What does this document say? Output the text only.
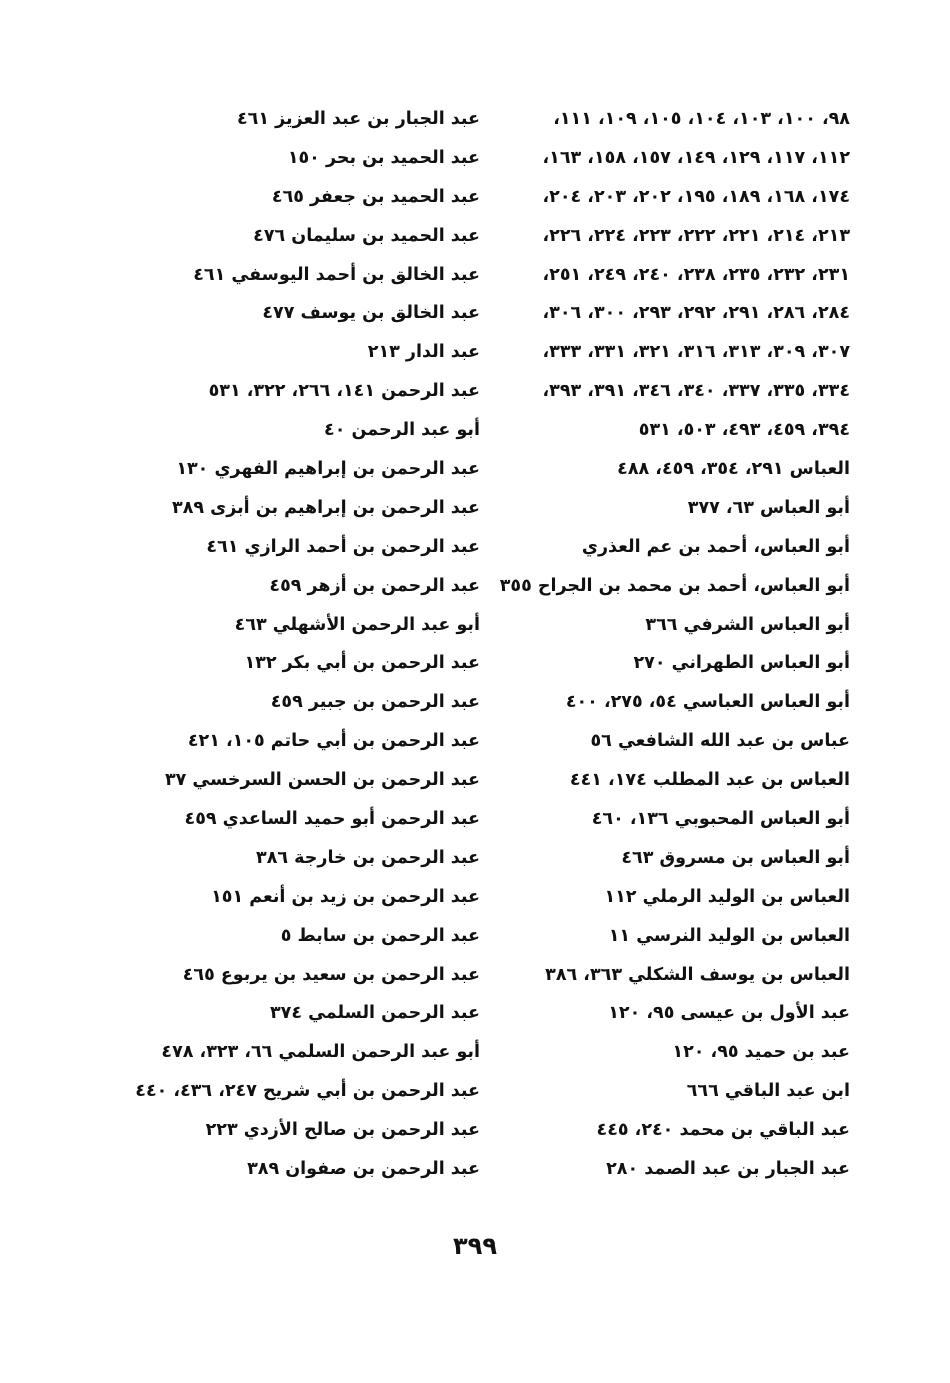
٩٨، ١٠٠، ١٠٣، ١٠٤، ١٠٥، ١٠٩، ١١١،
١١٢، ١١٧، ١٢٩، ١٤٩، ١٥٧، ١٥٨، ١٦٣،
١٧٤، ١٦٨، ١٨٩، ١٩٥، ٢٠٢، ٢٠٣، ٢٠٤،
٢١٣، ٢١٤، ٢٢١، ٢٢٢، ٢٢٣، ٢٢٤، ٢٢٦،
٢٣١، ٢٣٢، ٢٣٥، ٢٣٨، ٢٤٠، ٢٤٩، ٢٥١،
٢٨٤، ٢٨٦، ٢٩١، ٢٩٢، ٢٩٣، ٣٠٠، ٣٠٦،
٣٠٧، ٣٠٩، ٣١٣، ٣١٦، ٣٢١، ٣٣١، ٣٣٣،
٣٣٤، ٣٣٥، ٣٣٧، ٣٤٠، ٣٤٦، ٣٩١، ٣٩٣،
٣٩٤، ٤٥٩، ٤٩٣، ٥٠٣، ٥٣١
العباس ٢٩١، ٣٥٤، ٤٥٩، ٤٨٨
أبو العباس ٦٣، ٣٧٧
أبو العباس، أحمد بن عم العذري
أبو العباس، أحمد بن محمد بن الجراح ٣٥٥
أبو العباس الشرفي ٣٦٦
أبو العباس الطهراني ٢٧٠
أبو العباس العباسي ٥٤، ٢٧٥، ٤٠٠
عباس بن عبد الله الشافعي ٥٦
العباس بن عبد المطلب ١٧٤، ٤٤١
أبو العباس المحبوبي ١٣٦، ٤٦٠
أبو العباس بن مسروق ٤٦٣
العباس بن الوليد الرملي ١١٢
العباس بن الوليد النرسي ١١
العباس بن يوسف الشكلي ٣٦٣، ٣٨٦
عبد الأول بن عيسى ٩٥، ١٢٠
عبد بن حميد ٩٥، ١٢٠
ابن عبد الباقي ٦٦٦
عبد الباقي بن محمد ٢٤٠، ٤٤٥
عبد الجبار بن عبد الصمد ٢٨٠
عبد الجبار بن عبد العزيز ٤٦١
عبد الحميد بن بحر ١٥٠
عبد الحميد بن جعفر ٤٦٥
عبد الحميد بن سليمان ٤٧٦
عبد الخالق بن أحمد اليوسفي ٤٦١
عبد الخالق بن يوسف ٤٧٧
عبد الدار ٢١٣
عبد الرحمن ١٤١، ٢٦٦، ٣٢٢، ٥٣١
أبو عبد الرحمن ٤٠
عبد الرحمن بن إبراهيم الفهري ١٣٠
عبد الرحمن بن إبراهيم بن أبزى ٣٨٩
عبد الرحمن بن أحمد الرازي ٤٦١
عبد الرحمن بن أزهر ٤٥٩
أبو عبد الرحمن الأشهلي ٤٦٣
عبد الرحمن بن أبي بكر ١٣٢
عبد الرحمن بن جبير ٤٥٩
عبد الرحمن بن أبي حاتم ١٠٥، ٤٢١
عبد الرحمن بن الحسن السرخسي ٣٧
عبد الرحمن أبو حميد الساعدي ٤٥٩
عبد الرحمن بن خارجة ٣٨٦
عبد الرحمن بن زيد بن أنعم ١٥١
عبد الرحمن بن سابط ٥
عبد الرحمن بن سعيد بن يربوع ٤٦٥
عبد الرحمن السلمي ٣٧٤
أبو عبد الرحمن السلمي ٦٦، ٣٢٣، ٤٧٨
عبد الرحمن بن أبي شريح ٢٤٧، ٤٣٦، ٤٤٠
عبد الرحمن بن صالح الأزدي ٢٢٣
عبد الرحمن بن صفوان ٣٨٩
٣٩٩
